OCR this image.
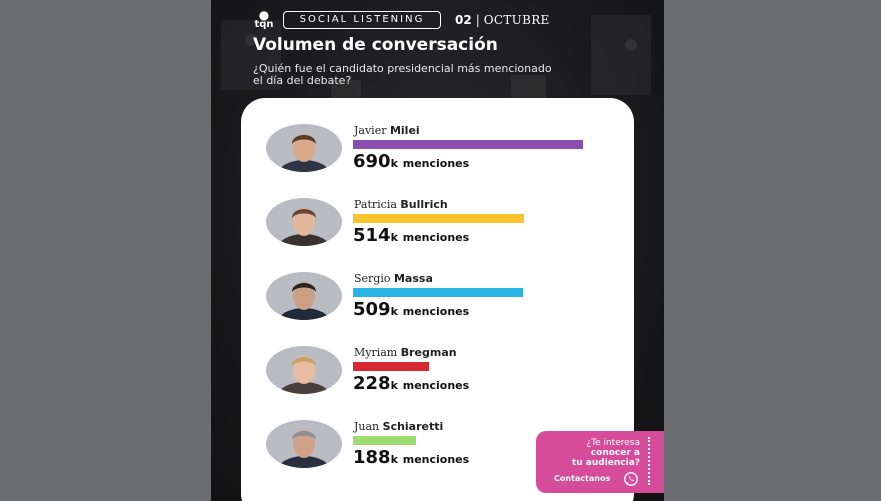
●
tqn	SOCIAL LISTENING	02 | OCTUBRE
Volumen de conversación
¿Quién fue el candidato presidencial más mencionado el día del debate?
Javier Milei
690k menciones
Patricia Bullrich
514k menciones
Sergio Massa
509k menciones
Myriam Bregman
228k menciones
Juan Schiaretti
188k menciones
¿Te interesa
conocer a
tu audiencia?
Contactanos
